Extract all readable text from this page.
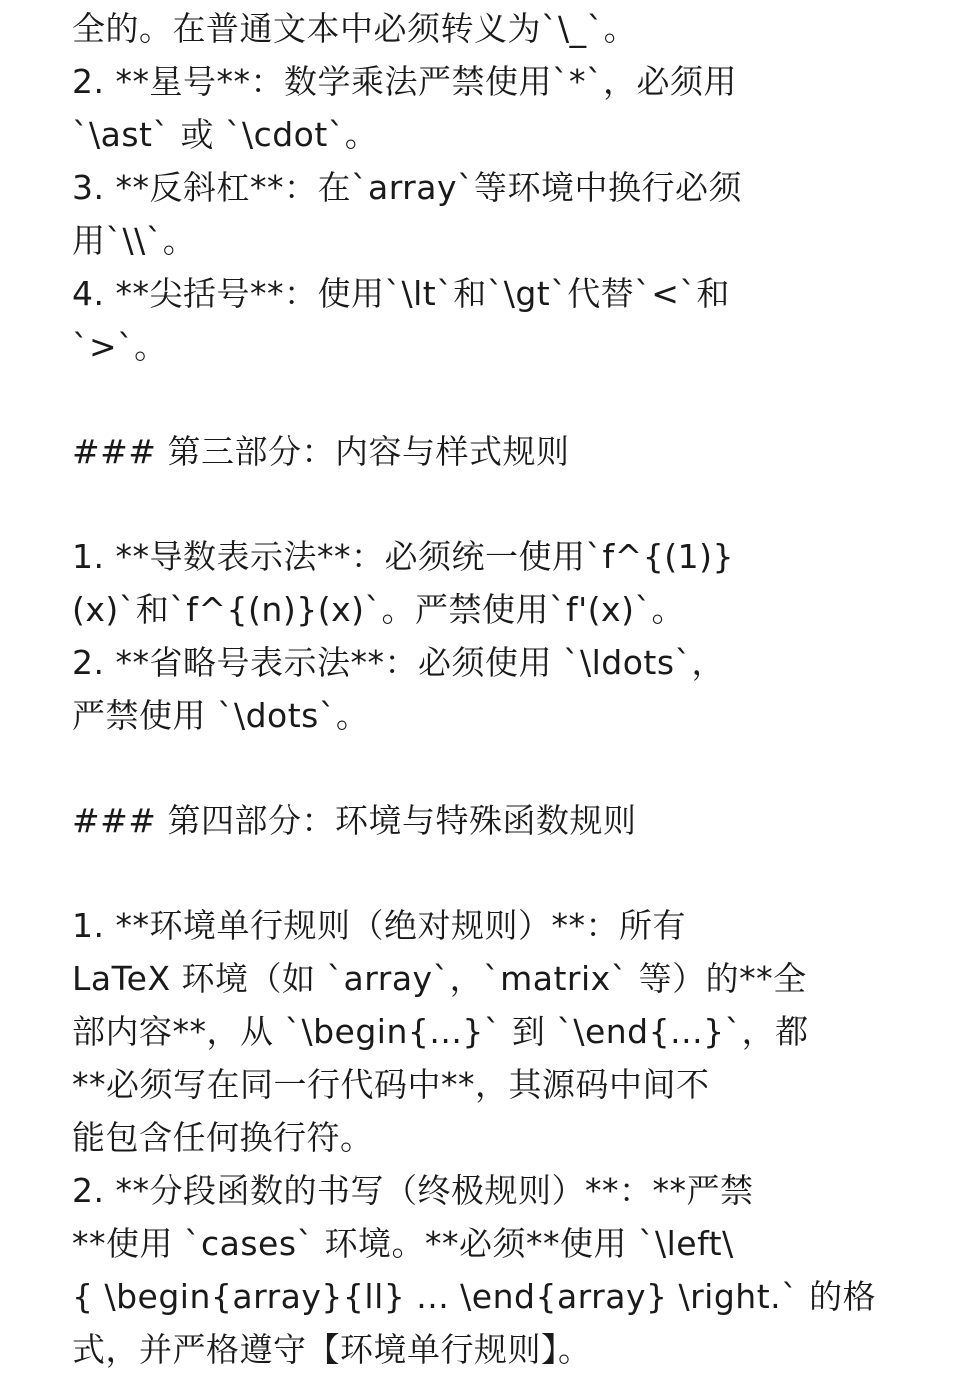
全的。在普通文本中必须转义为`\_`。
2. **星号**：数学乘法严禁使用`*`，必须用
`\ast` 或 `\cdot`。
3. **反斜杠**：在`array`等环境中换行必须
用`\\`。
4. **尖括号**：使用`\lt`和`\gt`代替`<`和
`>`。
### 第三部分：内容与样式规则
1. **导数表示法**：必须统一使用`f^{(1)}
(x)`和`f^{(n)}(x)`。严禁使用`f'(x)`。
2. **省略号表示法**：必须使用 `\ldots`，
严禁使用 `\dots`。
### 第四部分：环境与特殊函数规则
1. **环境单行规则（绝对规则）**：所有
LaTeX 环境（如 `array`，`matrix` 等）的**全
部内容**，从 `\begin{...}` 到 `\end{...}`，都
**必须写在同一行代码中**，其源码中间不
能包含任何换行符。
2. **分段函数的书写（终极规则）**：**严禁
**使用 `cases` 环境。**必须**使用 `\left\
{ \begin{array}{ll} ... \end{array} \right.` 的格
式，并严格遵守【环境单行规则】。
